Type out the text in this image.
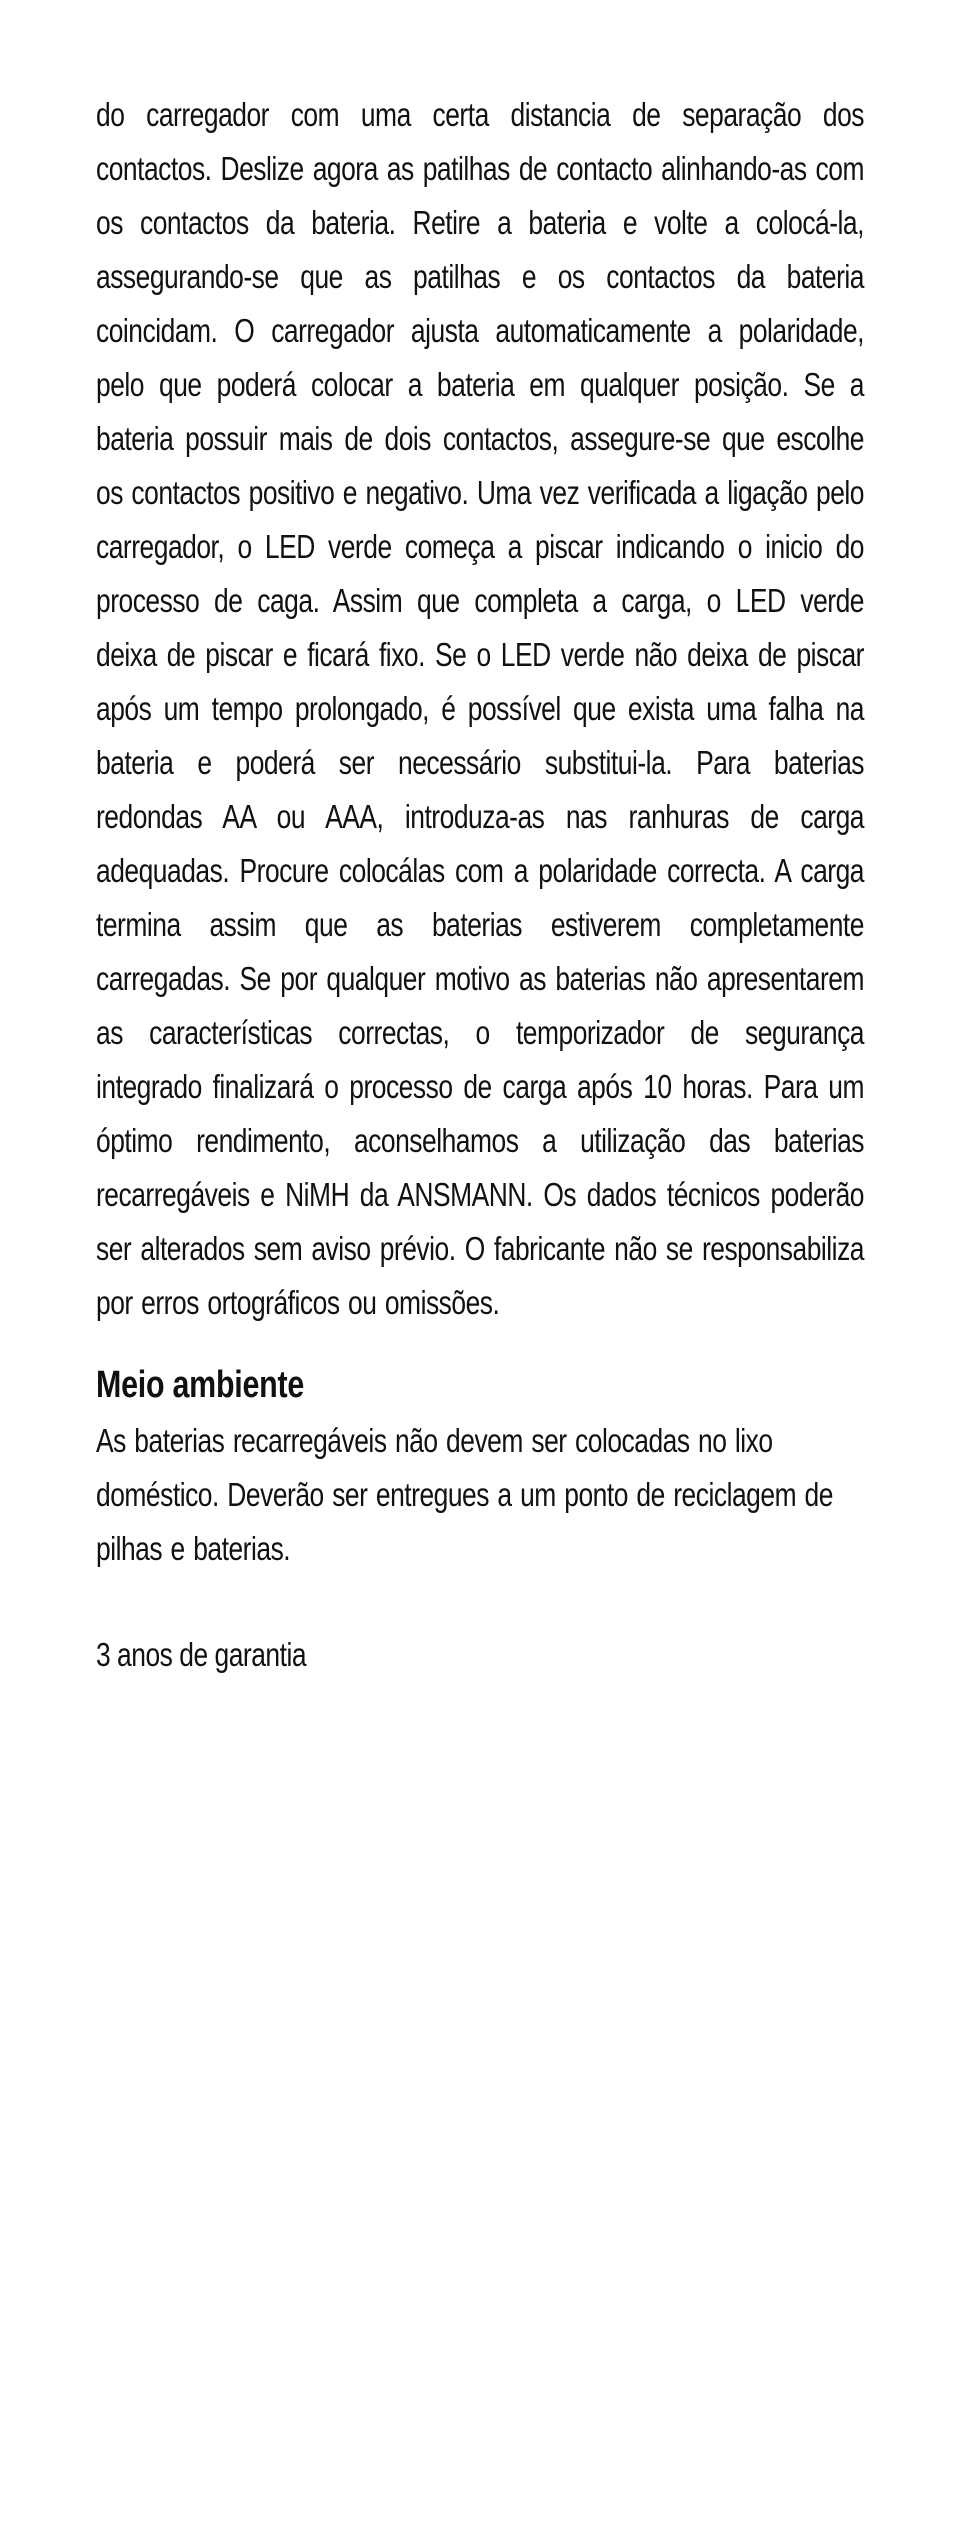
do carregador com uma certa distancia de separação dos contactos. Deslize agora as patilhas de contacto alinhando-as com os contactos da bateria. Retire a bateria e volte a colocá-la, assegurando-se que as patilhas e os contactos da bateria coincidam. O carregador ajusta automaticamente a polaridade, pelo que poderá colocar a bateria em qualquer posição. Se a bateria possuir mais de dois contactos, assegure-se que escolhe os contactos positivo e negativo. Uma vez verificada a ligação pelo carregador, o LED verde começa a piscar indicando o inicio do processo de caga. Assim que completa a carga, o LED verde deixa de piscar e ficará fixo. Se o LED verde não deixa de piscar após um tempo prolongado, é possível que exista uma falha na bateria e poderá ser necessário substitui-la. Para baterias redondas AA ou AAA, introduza-as nas ranhuras de carga adequadas. Procure colocálas com a polaridade correcta. A carga termina assim que as baterias estiverem completamente carregadas. Se por qualquer motivo as baterias não apresentarem as características correctas, o temporizador de segurança integrado finalizará o processo de carga após 10 horas. Para um óptimo rendimento, aconselhamos a utilização das baterias recarregáveis e NiMH da ANSMANN. Os dados técnicos poderão ser alterados sem aviso prévio. O fabricante não se responsabiliza por erros ortográficos ou omissões.

Meio ambiente

As baterias recarregáveis não devem ser colocadas no lixo doméstico. Deverão ser entregues a um ponto de reciclagem de pilhas e baterias.

3 anos de garantia
